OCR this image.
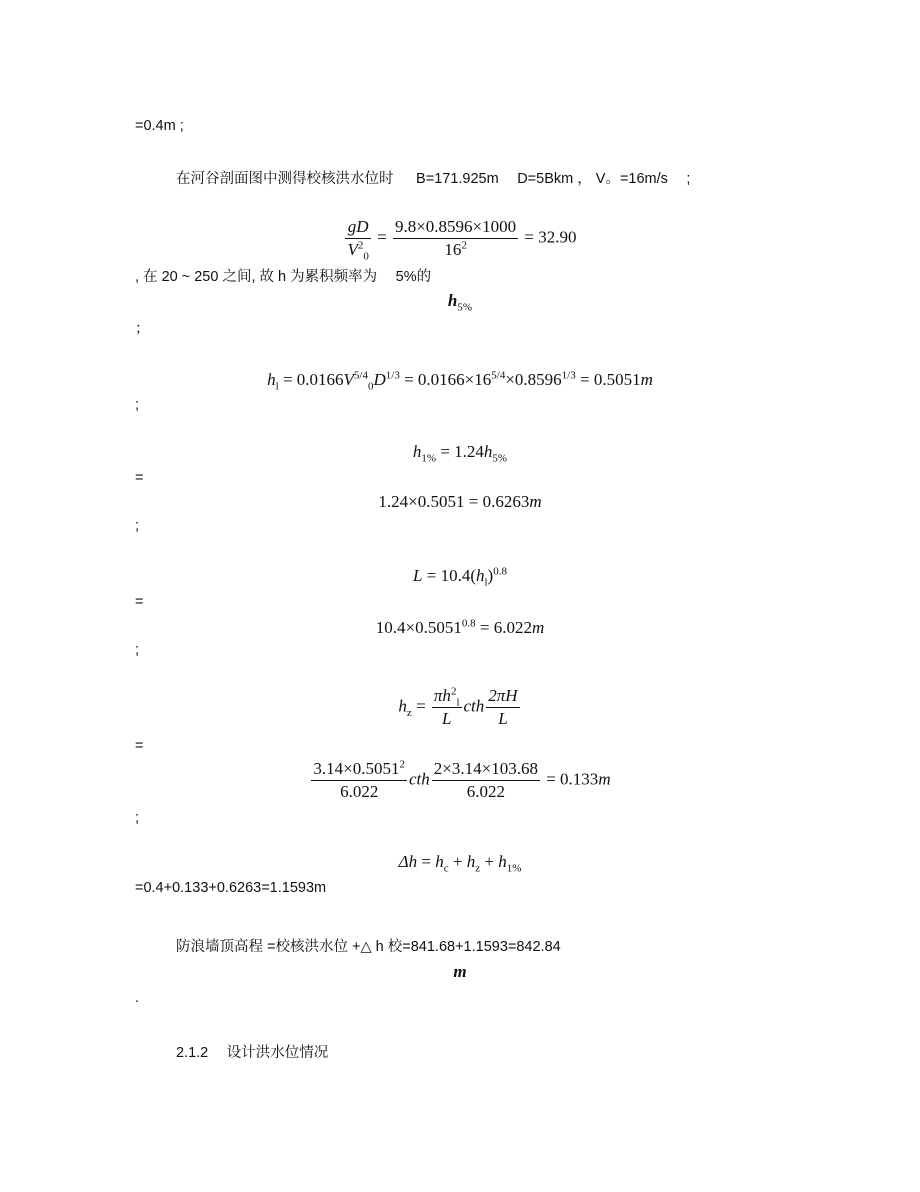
=0.4m ;
在河谷剖面图中测得校核洪水位时 　 B=171.925m 　D=5Bkm ， V。=16m/s 　;
$\frac{gD}{V^2_0} = \frac{9.8\times 0.8596\times 1000}{16^2} = 32.90$
, 在 20 ~ 250 之间, 故 h 为累积频率为 　5%的
$h_{5\%}$
；
$h_l = 0.0166V^{5/4}_0D^{1/3} = 0.0166\times 16^{5/4}\times 0.8596^{1/3} = 0.5051m$
;
$h_{1\%} = 1.24h_{5\%}$
=
1.24×0.5051 = 0.6263m
;
$L = 10.4(h_l)^{0.8}$
=
$10.4\times 0.5051^{0.8} = 6.022m$
;
$h_z = \frac{\pi h^2_l}{L}$ cth $\frac{2\pi H}{L}$
=
$\frac{3.14\times 0.5051^2}{6.022}$ cth $\frac{2\times 3.14\times 103.68}{6.022} = 0.133m$
;
$\Delta h = h_c + h_z + h_{1\%}$
=0.4+0.133+0.6263=1.1593m
防浪墙顶高程 =校核洪水位 +△ h 校=841.68+1.1593=842.84
m
.
2.1.2 　设计洪水位情况
